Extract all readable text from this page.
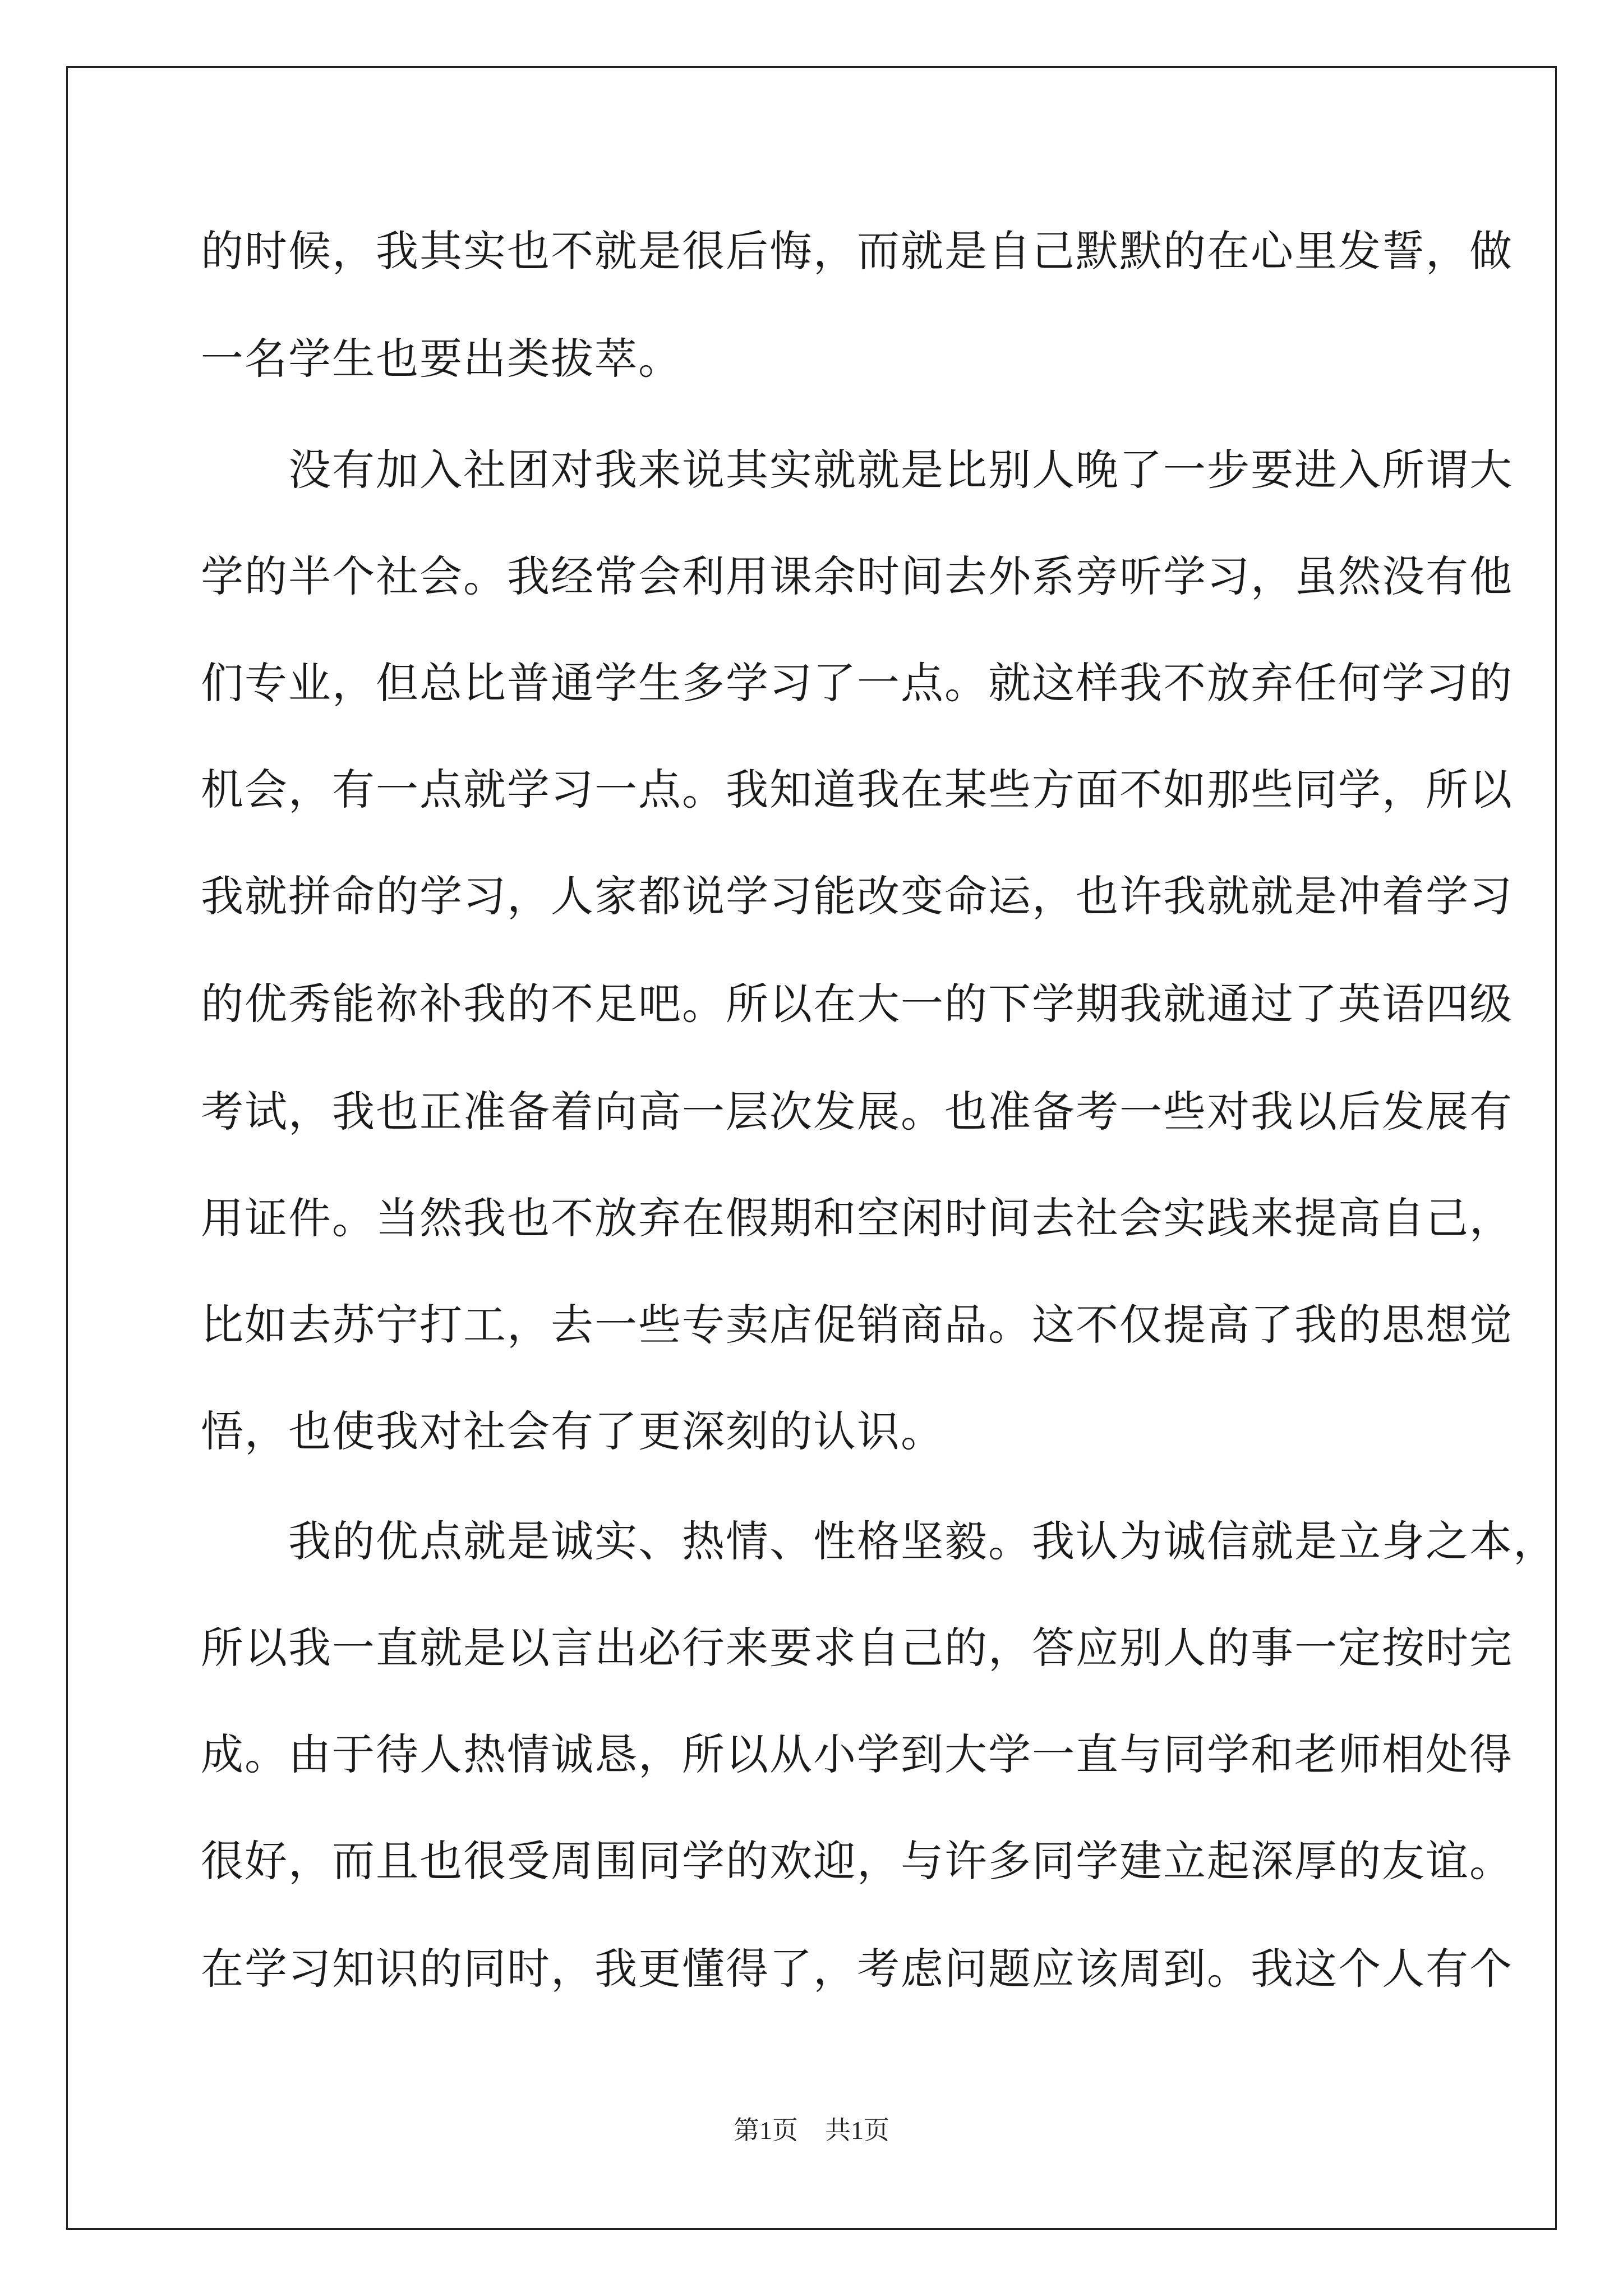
的时候，我其实也不就是很后悔，而就是自己默默的在心里发誓，做
一名学生也要出类拔萃。
　　没有加入社团对我来说其实就就是比别人晚了一步要进入所谓大
学的半个社会。我经常会利用课余时间去外系旁听学习，虽然没有他
们专业，但总比普通学生多学习了一点。就这样我不放弃任何学习的
机会，有一点就学习一点。我知道我在某些方面不如那些同学，所以
我就拼命的学习，人家都说学习能改变命运，也许我就就是冲着学习
的优秀能祢补我的不足吧。所以在大一的下学期我就通过了英语四级
考试，我也正准备着向高一层次发展。也准备考一些对我以后发展有
用证件。当然我也不放弃在假期和空闲时间去社会实践来提高自己，
比如去苏宁打工，去一些专卖店促销商品。这不仅提高了我的思想觉
悟，也使我对社会有了更深刻的认识。
　　我的优点就是诚实、热情、性格坚毅。我认为诚信就是立身之本，
所以我一直就是以言出必行来要求自己的，答应别人的事一定按时完
成。由于待人热情诚恳，所以从小学到大学一直与同学和老师相处得
很好，而且也很受周围同学的欢迎，与许多同学建立起深厚的友谊。
在学习知识的同时，我更懂得了，考虑问题应该周到。我这个人有个
第1页 共1页
